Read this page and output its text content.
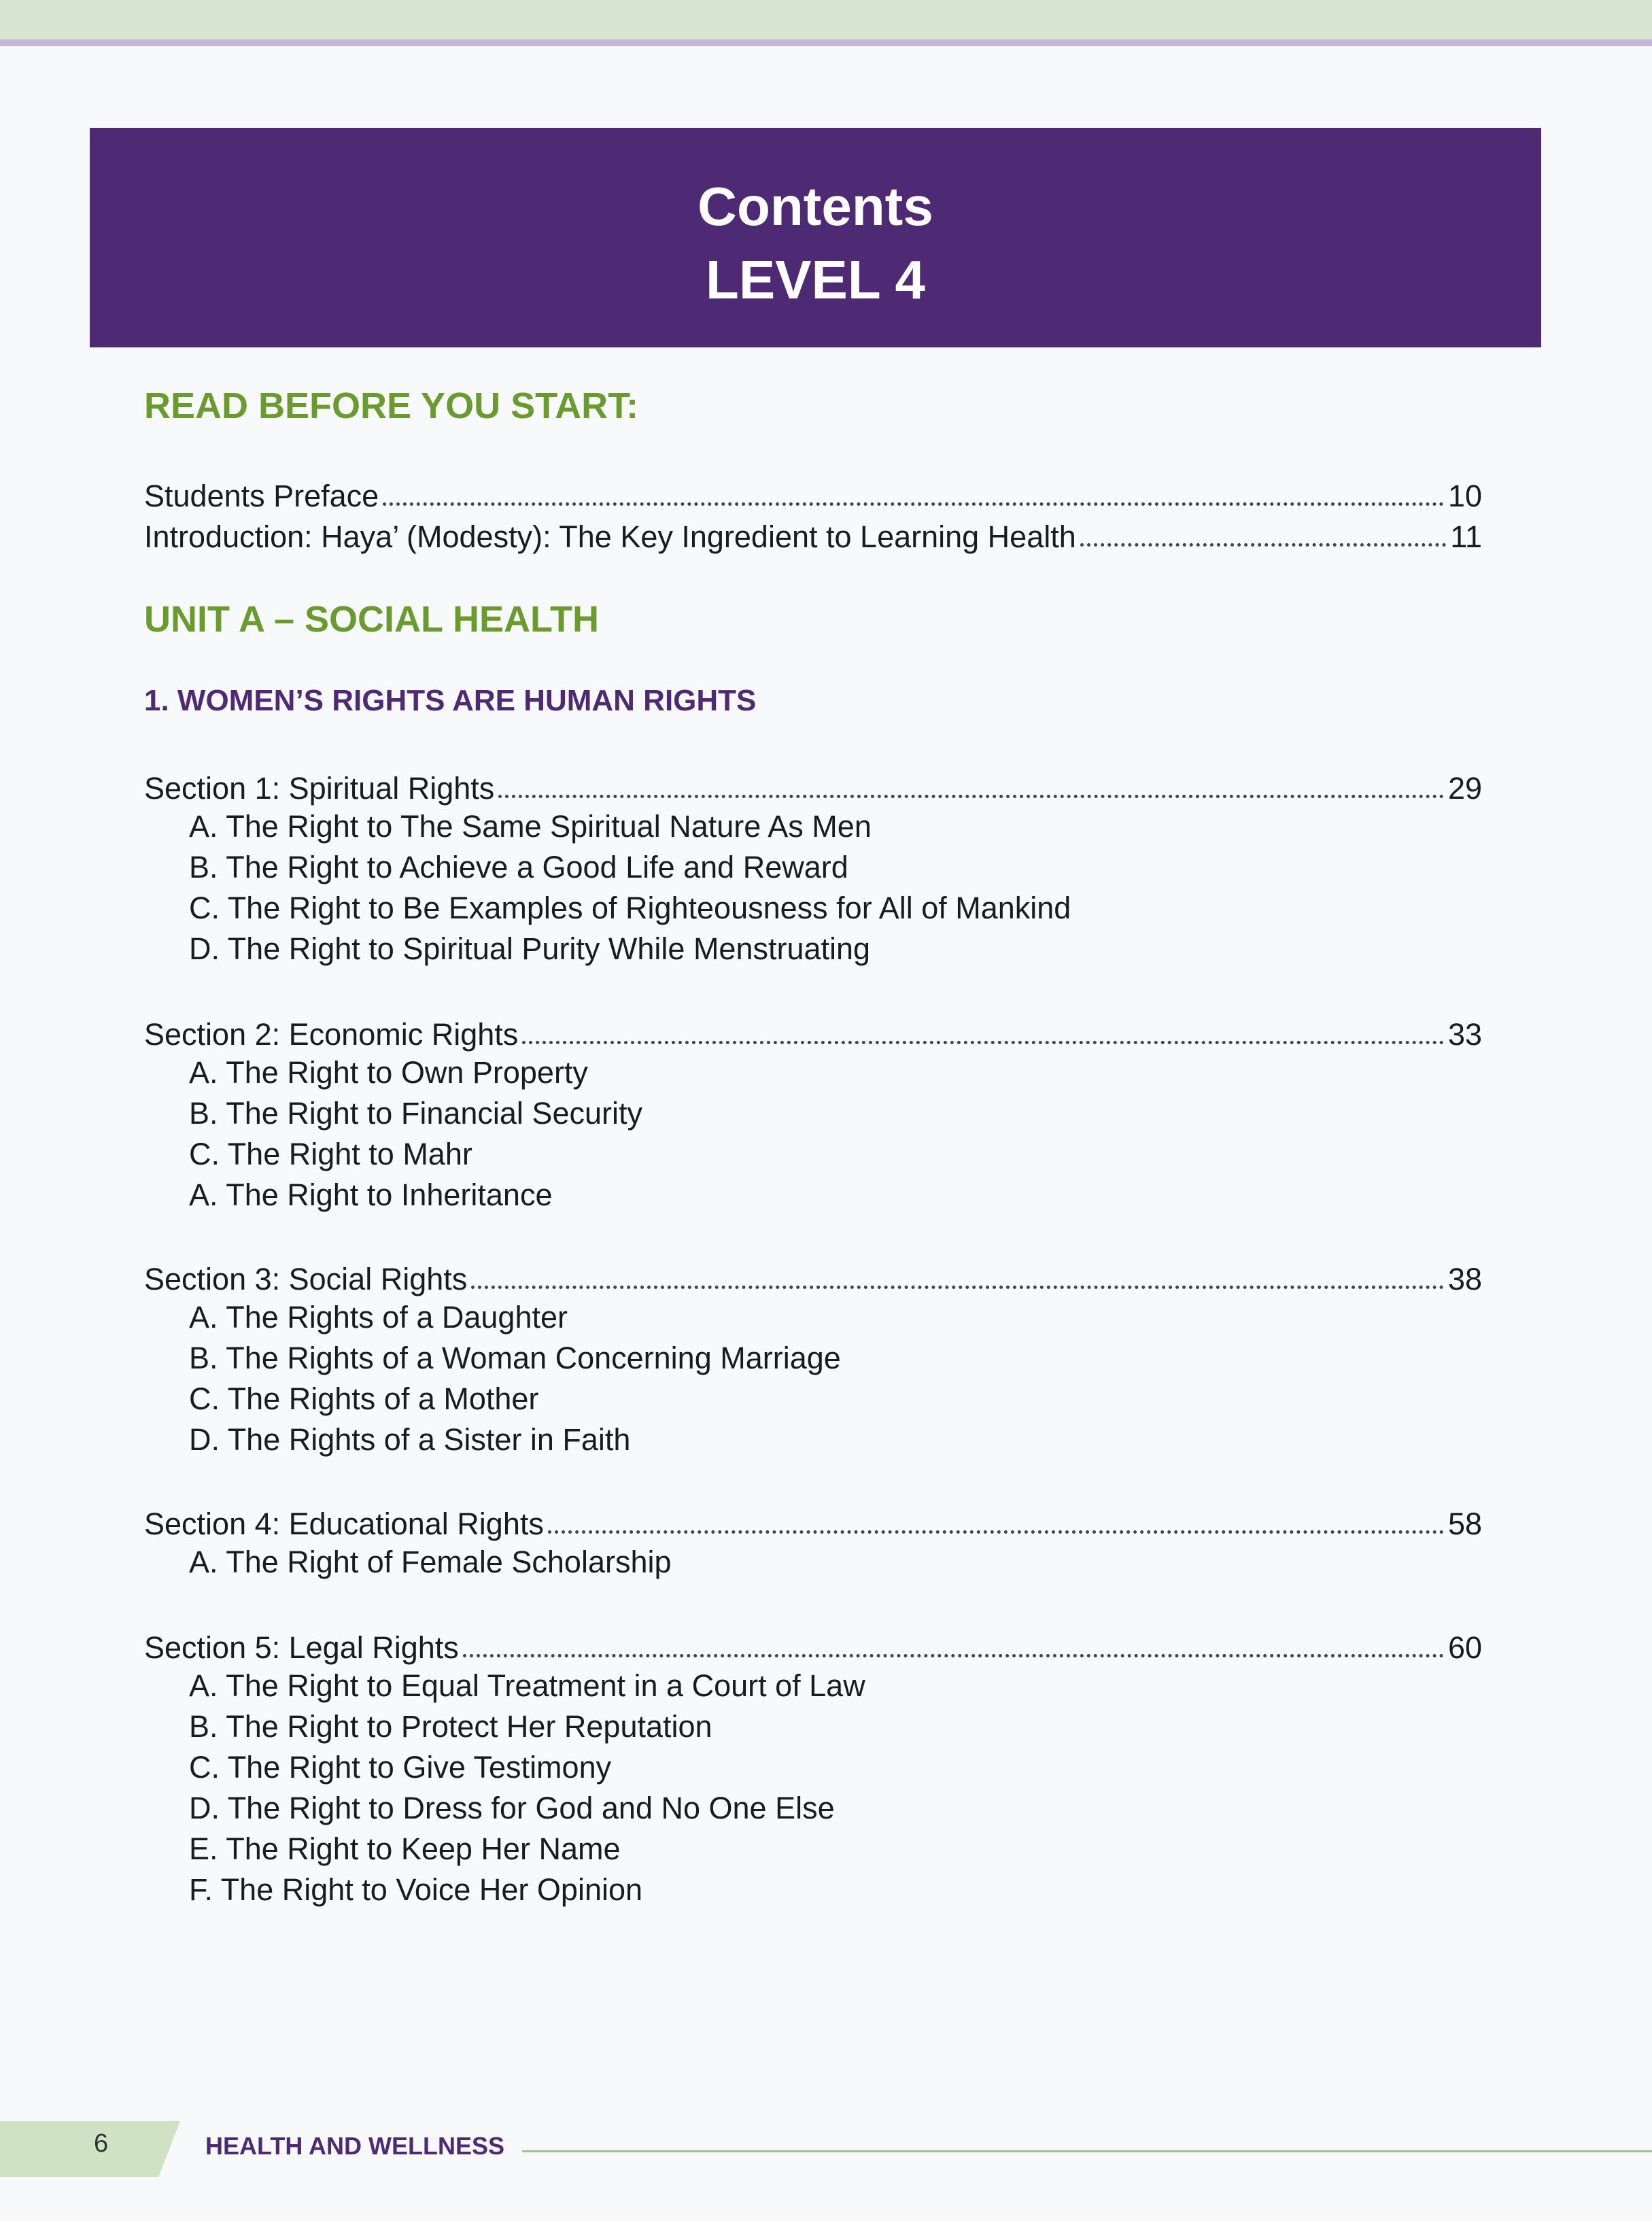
Contents
LEVEL 4
READ BEFORE YOU START:
Students Preface	10
Introduction: Haya’ (Modesty): The Key Ingredient to Learning Health	11
UNIT A – SOCIAL HEALTH
1. WOMEN’S RIGHTS ARE HUMAN RIGHTS
Section 1: Spiritual Rights	29
A. The Right to The Same Spiritual Nature As Men
B. The Right to Achieve a Good Life and Reward
C. The Right to Be Examples of Righteousness for All of Mankind
D. The Right to Spiritual Purity While Menstruating
Section 2: Economic Rights	33
A. The Right to Own Property
B. The Right to Financial Security
C. The Right to Mahr
A. The Right to Inheritance
Section 3: Social Rights	38
A. The Rights of a Daughter
B. The Rights of a Woman Concerning Marriage
C. The Rights of a Mother
D. The Rights of a Sister in Faith
Section 4: Educational Rights	58
A. The Right of Female Scholarship
Section 5: Legal Rights	60
A. The Right to Equal Treatment in a Court of Law
B. The Right to Protect Her Reputation
C. The Right to Give Testimony
D. The Right to Dress for God and No One Else
E. The Right to Keep Her Name
F. The Right to Voice Her Opinion
6	HEALTH AND WELLNESS
